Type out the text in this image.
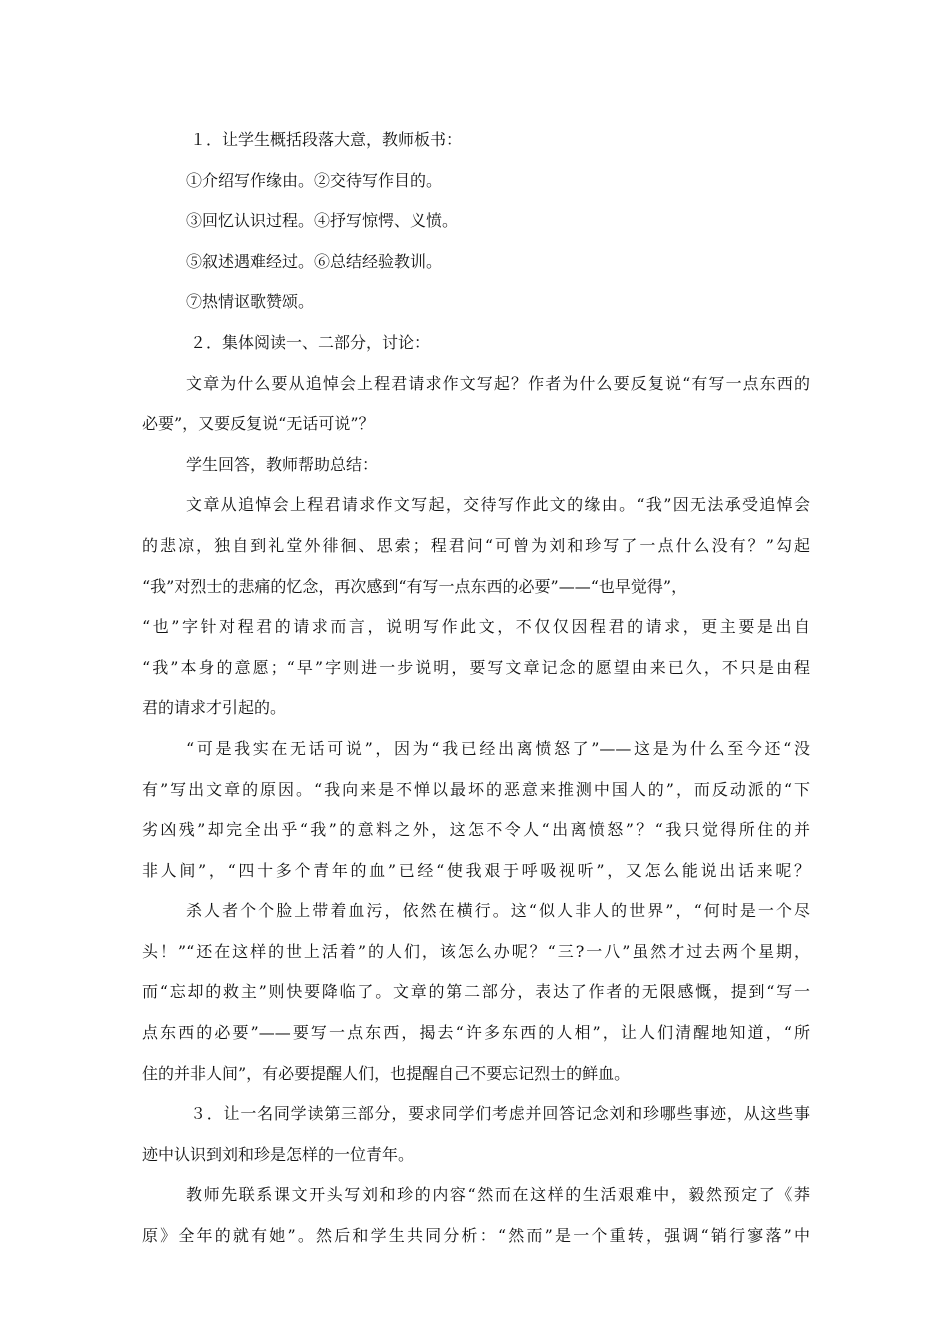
１．让学生概括段落大意，教师板书：
①介绍写作缘由。②交待写作目的。
③回忆认识过程。④抒写惊愕、义愤。
⑤叙述遇难经过。⑥总结经验教训。
⑦热情讴歌赞颂。
２．集体阅读一、二部分，讨论：
文章为什么要从追悼会上程君请求作文写起？作者为什么要反复说“有写一点东西的
必要”，又要反复说“无话可说”？
学生回答，教师帮助总结：
文章从追悼会上程君请求作文写起，交待写作此文的缘由。“我”因无法承受追悼会
的悲凉，独自到礼堂外徘徊、思索；程君问“可曾为刘和珍写了一点什么没有？”勾起
“我”对烈士的悲痛的忆念，再次感到“有写一点东西的必要”——“也早觉得”，
“也”字针对程君的请求而言，说明写作此文，不仅仅因程君的请求，更主要是出自
“我”本身的意愿；“早”字则进一步说明，要写文章记念的愿望由来已久，不只是由程
君的请求才引起的。
“可是我实在无话可说”，因为“我已经出离愤怒了”——这是为什么至今还“没
有”写出文章的原因。“我向来是不惮以最坏的恶意来推测中国人的”，而反动派的“下
劣凶残”却完全出乎“我”的意料之外，这怎不令人“出离愤怒”？“我只觉得所住的并
非人间”，“四十多个青年的血”已经“使我艰于呼吸视听”，又怎么能说出话来呢？
杀人者个个脸上带着血污，依然在横行。这“似人非人的世界”，“何时是一个尽
头！”“还在这样的世上活着”的人们，该怎么办呢？“三?一八”虽然才过去两个星期，
而“忘却的救主”则快要降临了。文章的第二部分，表达了作者的无限感慨，提到“写一
点东西的必要”——要写一点东西，揭去“许多东西的人相”，让人们清醒地知道，“所
住的并非人间”，有必要提醒人们，也提醒自己不要忘记烈士的鲜血。
３．让一名同学读第三部分，要求同学们考虑并回答记念刘和珍哪些事迹，从这些事
迹中认识到刘和珍是怎样的一位青年。
教师先联系课文开头写刘和珍的内容“然而在这样的生活艰难中，毅然预定了《莽
原》全年的就有她”。然后和学生共同分析：“然而”是一个重转，强调“销行寥落”中
